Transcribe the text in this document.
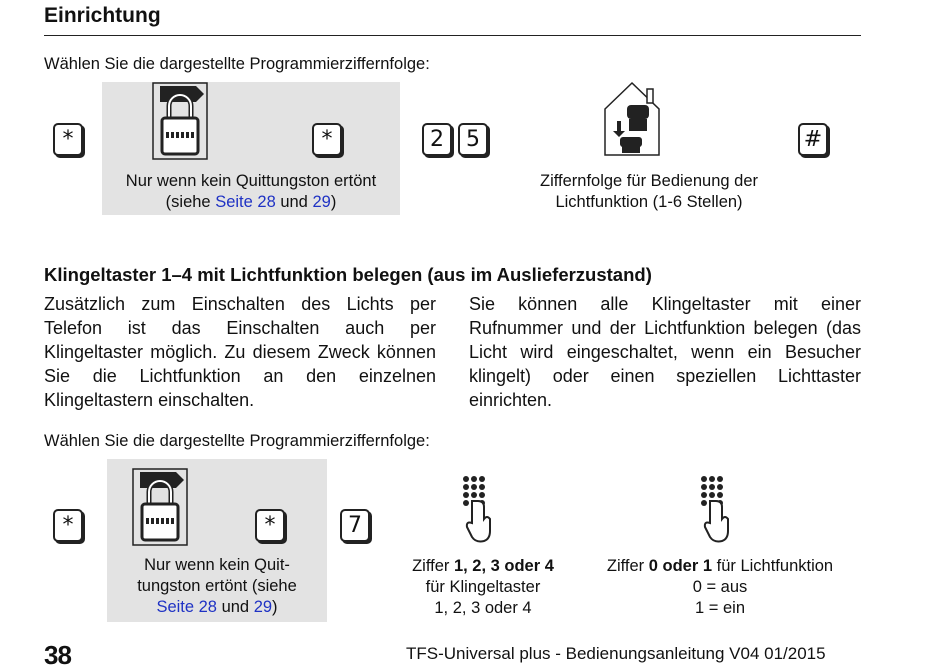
Einrichtung
Wählen Sie die dargestellte Programmierziffernfolge:
*	*
Nur wenn kein Quittungston ertönt
(siehe Seite 28 und 29)
2 5
Ziffernfolge für Bedienung der
Lichtfunktion (1-6 Stellen)
#
Klingeltaster 1–4 mit Lichtfunktion belegen (aus im Auslieferzustand)
Zusätzlich zum Einschalten des Lichts per Telefon ist das Einschalten auch per Klingeltaster möglich. Zu diesem Zweck können Sie die Lichtfunktion an den einzelnen Klingeltastern einschalten.
Sie können alle Klingeltaster mit einer Rufnummer und der Lichtfunktion belegen (das Licht wird eingeschaltet, wenn ein Besucher klingelt) oder einen speziellen Lichttaster einrichten.
Wählen Sie die dargestellte Programmierziffernfolge:
*	*
Nur wenn kein Quit-
tungston ertönt (siehe
Seite 28 und 29)
7
Ziffer 1, 2, 3 oder 4
für Klingeltaster
1, 2, 3 oder 4
Ziffer 0 oder 1 für Lichtfunktion
0 = aus
1 = ein
38	TFS-Universal plus - Bedienungsanleitung V04 01/2015
